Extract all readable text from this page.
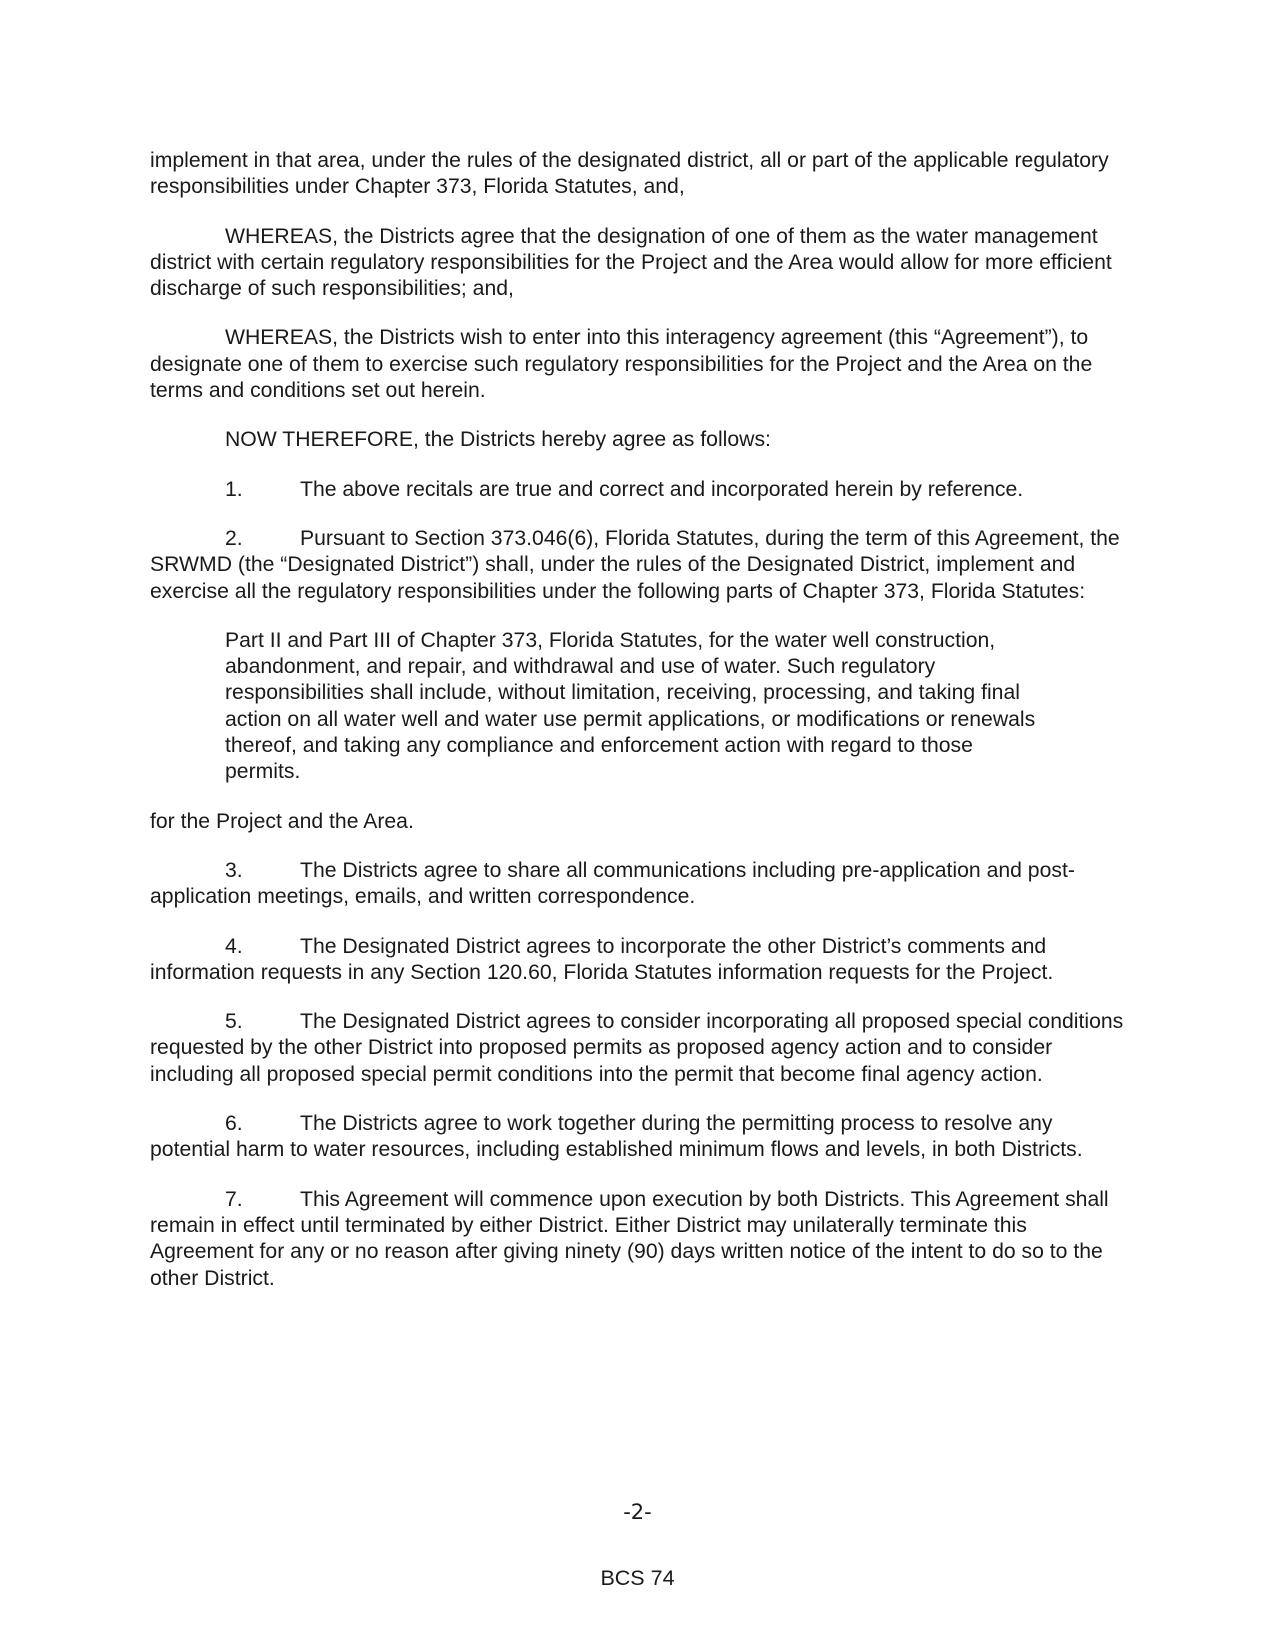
implement in that area, under the rules of the designated district, all or part of the applicable regulatory responsibilities under Chapter 373, Florida Statutes, and,

WHEREAS, the Districts agree that the designation of one of them as the water management district with certain regulatory responsibilities for the Project and the Area would allow for more efficient discharge of such responsibilities; and,

WHEREAS, the Districts wish to enter into this interagency agreement (this “Agreement”), to designate one of them to exercise such regulatory responsibilities for the Project and the Area on the terms and conditions set out herein.

NOW THEREFORE, the Districts hereby agree as follows:

1.	The above recitals are true and correct and incorporated herein by reference.

2.	Pursuant to Section 373.046(6), Florida Statutes, during the term of this Agreement, the SRWMD (the “Designated District”) shall, under the rules of the Designated District, implement and exercise all the regulatory responsibilities under the following parts of Chapter 373, Florida Statutes:

Part II and Part III of Chapter 373, Florida Statutes, for the water well construction, abandonment, and repair, and withdrawal and use of water. Such regulatory responsibilities shall include, without limitation, receiving, processing, and taking final action on all water well and water use permit applications, or modifications or renewals thereof, and taking any compliance and enforcement action with regard to those permits.

for the Project and the Area.

3.	The Districts agree to share all communications including pre-application and post-application meetings, emails, and written correspondence.

4.	The Designated District agrees to incorporate the other District’s comments and information requests in any Section 120.60, Florida Statutes information requests for the Project.

5.	The Designated District agrees to consider incorporating all proposed special conditions requested by the other District into proposed permits as proposed agency action and to consider including all proposed special permit conditions into the permit that become final agency action.

6.	The Districts agree to work together during the permitting process to resolve any potential harm to water resources, including established minimum flows and levels, in both Districts.

7.	This Agreement will commence upon execution by both Districts. This Agreement shall remain in effect until terminated by either District. Either District may unilaterally terminate this Agreement for any or no reason after giving ninety (90) days written notice of the intent to do so to the other District.

-2-
BCS 74
